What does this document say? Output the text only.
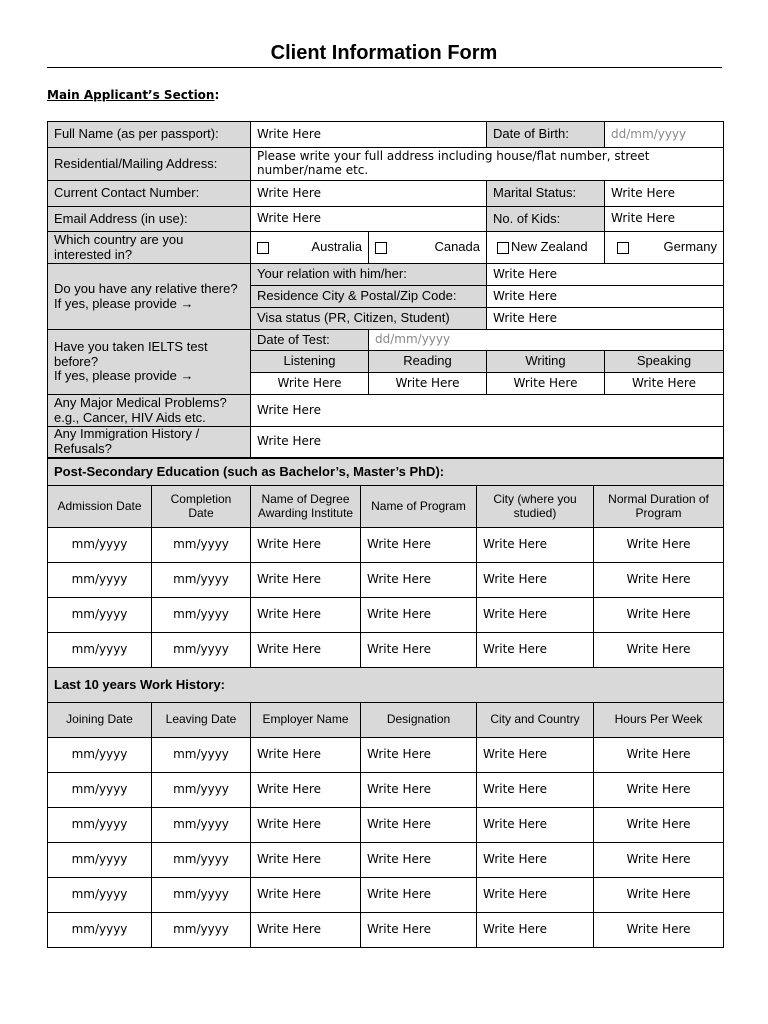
Client Information Form
Main Applicant’s Section:
Full Name (as per passport):	Write Here		Date of Birth:	dd/mm/yyyy
Residential/Mailing Address:	Please write your full address including house/flat number, street number/name etc.			
Current Contact Number:	Write Here		Marital Status:	Write Here
Email Address (in use):	Write Here		No. of Kids:	Write Here
Which country are you interested in?	Australia	Canada	New Zealand	Germany

Do you have any relative there? If yes, please provide →	Your relation with him/her:		Write Here	
	Residence City & Postal/Zip Code:		Write Here	
	Visa status (PR, Citizen, Student)		Write Here	

Have you taken IELTS test before?
If yes, please provide →	Date of Test:	dd/mm/yyyy		
	Listening	Reading	Writing	Speaking
	Write Here	Write Here	Write Here	Write Here
Any Major Medical Problems? e.g., Cancer, HIV Aids etc.	Write Here			
Any Immigration History / Refusals?	Write Here			
Post-Secondary Education (such as Bachelor’s, Master’s PhD):					
Admission Date	Completion Date	Name of Degree Awarding Institute	Name of Program	City (where you studied)	Normal Duration of Program
mm/yyyy	mm/yyyy	Write Here	Write Here	Write Here	Write Here
mm/yyyy	mm/yyyy	Write Here	Write Here	Write Here	Write Here
mm/yyyy	mm/yyyy	Write Here	Write Here	Write Here	Write Here
mm/yyyy	mm/yyyy	Write Here	Write Here	Write Here	Write Here
Last 10 years Work History:					
Joining Date	Leaving Date	Employer Name	Designation	City and Country	Hours Per Week
mm/yyyy	mm/yyyy	Write Here	Write Here	Write Here	Write Here
mm/yyyy	mm/yyyy	Write Here	Write Here	Write Here	Write Here
mm/yyyy	mm/yyyy	Write Here	Write Here	Write Here	Write Here
mm/yyyy	mm/yyyy	Write Here	Write Here	Write Here	Write Here
mm/yyyy	mm/yyyy	Write Here	Write Here	Write Here	Write Here
mm/yyyy	mm/yyyy	Write Here	Write Here	Write Here	Write Here
